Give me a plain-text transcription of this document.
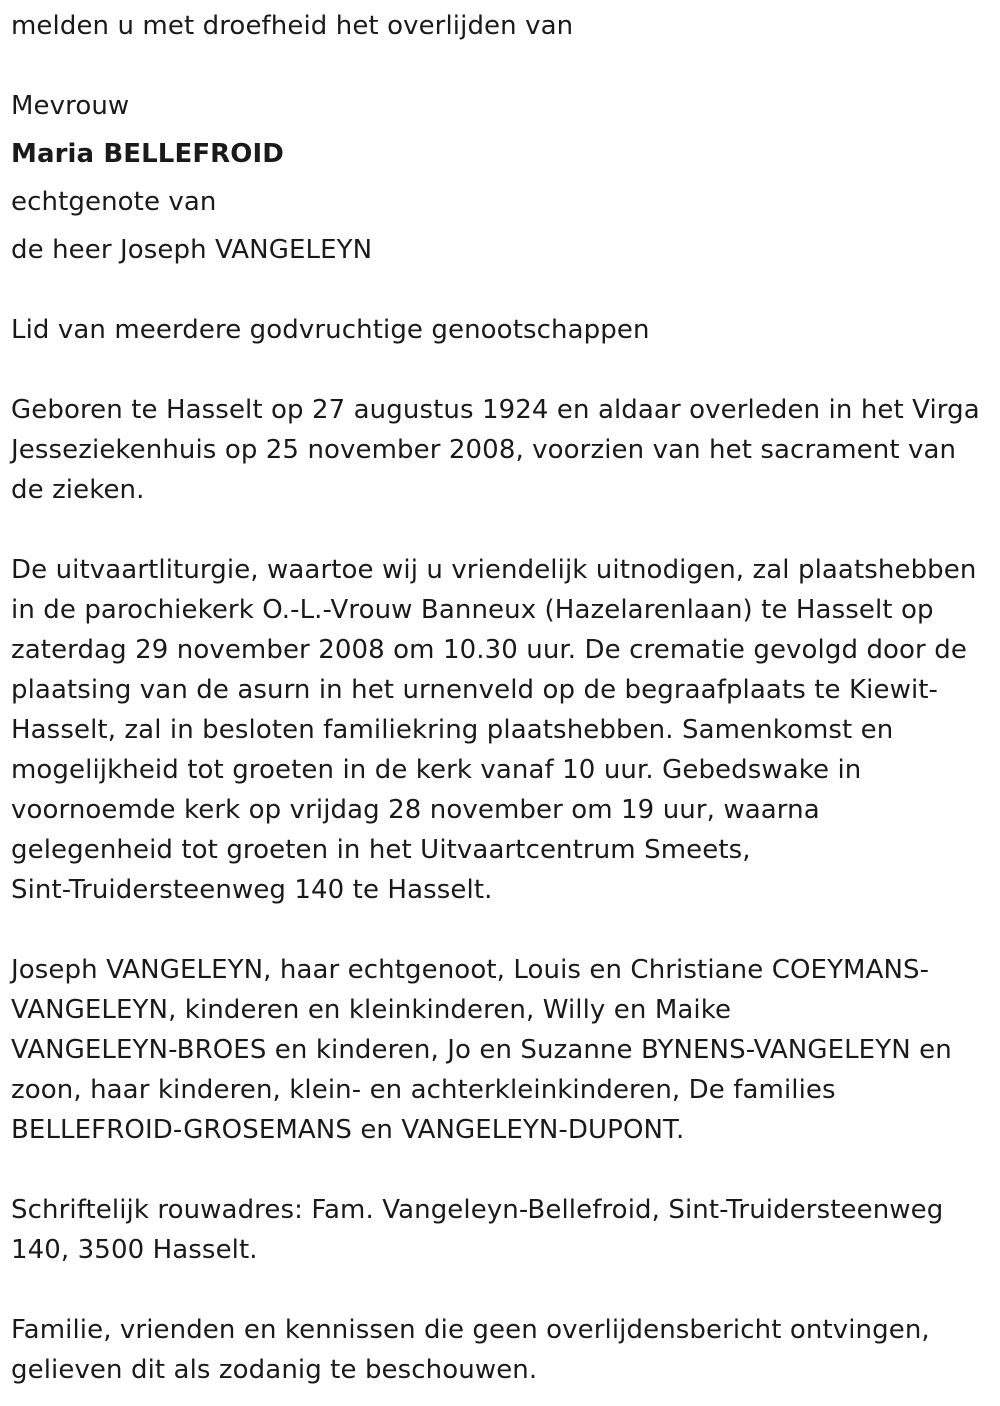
melden u met droefheid het overlijden van
Mevrouw
Maria BELLEFROID
echtgenote van
de heer Joseph VANGELEYN
Lid van meerdere godvruchtige genootschappen
Geboren te Hasselt op 27 augustus 1924 en aldaar overleden in het Virga
Jesseziekenhuis op 25 november 2008, voorzien van het sacrament van
de zieken.
De uitvaartliturgie, waartoe wij u vriendelijk uitnodigen, zal plaatshebben
in de parochiekerk O.-L.-Vrouw Banneux (Hazelarenlaan) te Hasselt op
zaterdag 29 november 2008 om 10.30 uur. De crematie gevolgd door de
plaatsing van de asurn in het urnenveld op de begraafplaats te Kiewit-
Hasselt, zal in besloten familiekring plaatshebben. Samenkomst en
mogelijkheid tot groeten in de kerk vanaf 10 uur. Gebedswake in
voornoemde kerk op vrijdag 28 november om 19 uur, waarna
gelegenheid tot groeten in het Uitvaartcentrum Smeets,
Sint-Truidersteenweg 140 te Hasselt.
Joseph VANGELEYN, haar echtgenoot, Louis en Christiane COEYMANS-
VANGELEYN, kinderen en kleinkinderen, Willy en Maike
VANGELEYN-BROES en kinderen, Jo en Suzanne BYNENS-VANGELEYN en
zoon, haar kinderen, klein- en achterkleinkinderen, De families
BELLEFROID-GROSEMANS en VANGELEYN-DUPONT.
Schriftelijk rouwadres: Fam. Vangeleyn-Bellefroid, Sint-Truidersteenweg
140, 3500 Hasselt.
Familie, vrienden en kennissen die geen overlijdensbericht ontvingen,
gelieven dit als zodanig te beschouwen.
